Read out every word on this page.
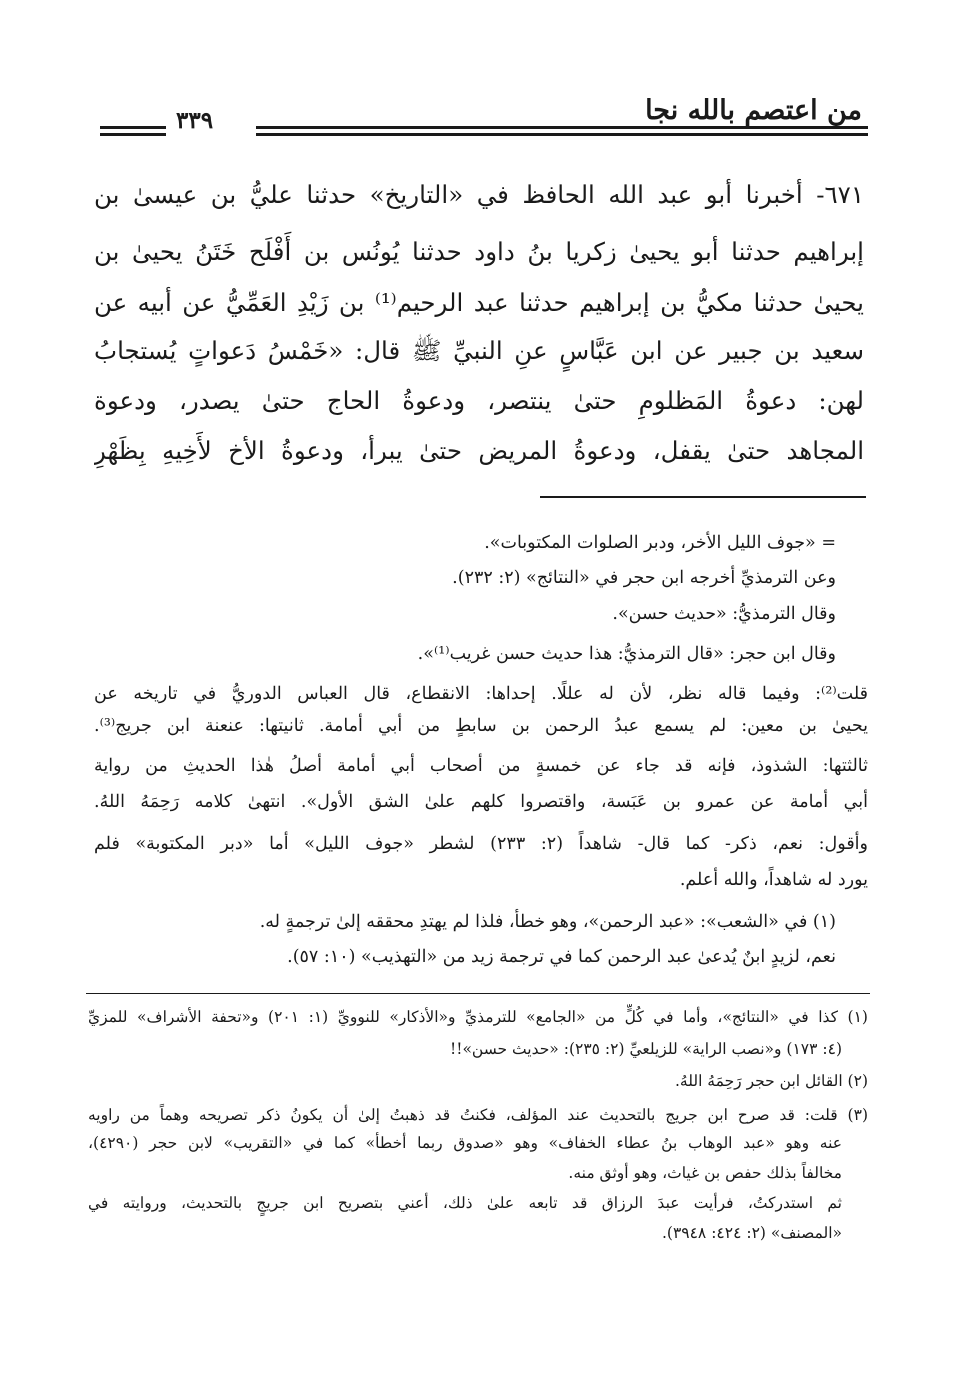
من اعتصم بالله نجا
٣٣٩
٦٧١- أخبرنا أبو عبد الله الحافظ في «التاريخ» حدثنا عليُّ بن عيسىٰ بن
إبراهيم حدثنا أبو يحيىٰ زكريا بنُ داود حدثنا يُونُس بن أَفْلَح خَتَنُ يحيىٰ بن
يحيىٰ حدثنا مكيُّ بن إبراهيم حدثنا عبد الرحيم⁽¹⁾ بن زَيْدِ العَمِّيُّ عن أبيه عن
سعيد بن جبير عن ابن عَبَّاسٍ عنِ النبيِّ ﷺ قال: «خَمْسُ دَعواتٍ يُستجابُ
لهن: دعوةُ المَظلومِ حتىٰ ينتصر، ودعوةُ الحاج حتىٰ يصدر، ودعوة
المجاهد حتىٰ يقفل، ودعوةُ المريض حتىٰ يبرأ، ودعوةُ الأخ لأَخِيهِ بِظَهْرِ
= «جوف الليل الأخر، ودبر الصلوات المكتوبات».
وعن الترمذيِّ أخرجه ابن حجر في «النتائج» (٢: ٢٣٢).
وقال الترمذيُّ: «حديث حسن».
وقال ابن حجر: «قال الترمذيُّ: هذا حديث حسن غريب⁽¹⁾».
قلت⁽²⁾: وفيما قاله نظر، لأن له عللًا. إحداها: الانقطاع، قال العباس الدوريُّ في تاريخه عن
يحيىٰ بن معين: لم يسمع عبدُ الرحمن بن سابطٍ من أبي أمامة. ثانيتها: عنعنة ابن جريج⁽³⁾.
ثالثتها: الشذوذ، فإنه قد جاء عن خمسةٍ من أصحاب أبي أمامة أصلُ هٰذا الحديثِ من رواية
أبي أمامة عن عمرو بن عَبَسة، واقتصروا كلهم علىٰ الشق الأول». انتهىٰ كلامه رَحِمَهُ اللهُ.
وأقول: نعم، ذكر- كما قال- شاهداً (٢: ٢٣٣) لشطر «جوف الليل» أما «دبر المكتوبة» فلم
يورد له شاهداً، والله أعلم.
(١) في «الشعب»: «عبد الرحمن»، وهو خطأ، فلذا لم يهتدِ محققه إلىٰ ترجمةٍ له.
نعم، لزيدٍ ابنٌ يُدعىٰ عبد الرحمن كما في ترجمة زيد من «التهذيب» (١٠: ٥٧).
(١) كذا في «النتائج»، وأما في كُلٍّ من «الجامع» للترمذيِّ و«الأذكار» للنوويِّ (١: ٢٠١) و«تحفة الأشراف» للمزيِّ
(٤: ١٧٣) و«نصب الراية» للزيلعيِّ (٢: ٢٣٥): «حديث حسن»!!
(٢) القائل ابن حجر رَحِمَهُ اللهُ.
(٣) قلت: قد صرح ابن جريج بالتحديث عند المؤلف، فكنتُ قد ذهبتُ إلىٰ أن يكونُ ذكر تصريحه وهماً من راويه
عنه وهو «عبد الوهاب بنُ عطاء الخفاف» وهو «صدوق ربما أخطأ» كما في «التقريب» لابن حجر (٤٢٩٠)،
مخالفاً بذلك حفص بن غياث، وهو أوثق منه.
ثم استدركتُ، فرأيت عبدَ الرزاق قد تابعه علىٰ ذلك، أعني بتصريح ابن جريجٍ بالتحديث، وروايته في
«المصنف» (٢: ٤٢٤: ٣٩٤٨).
